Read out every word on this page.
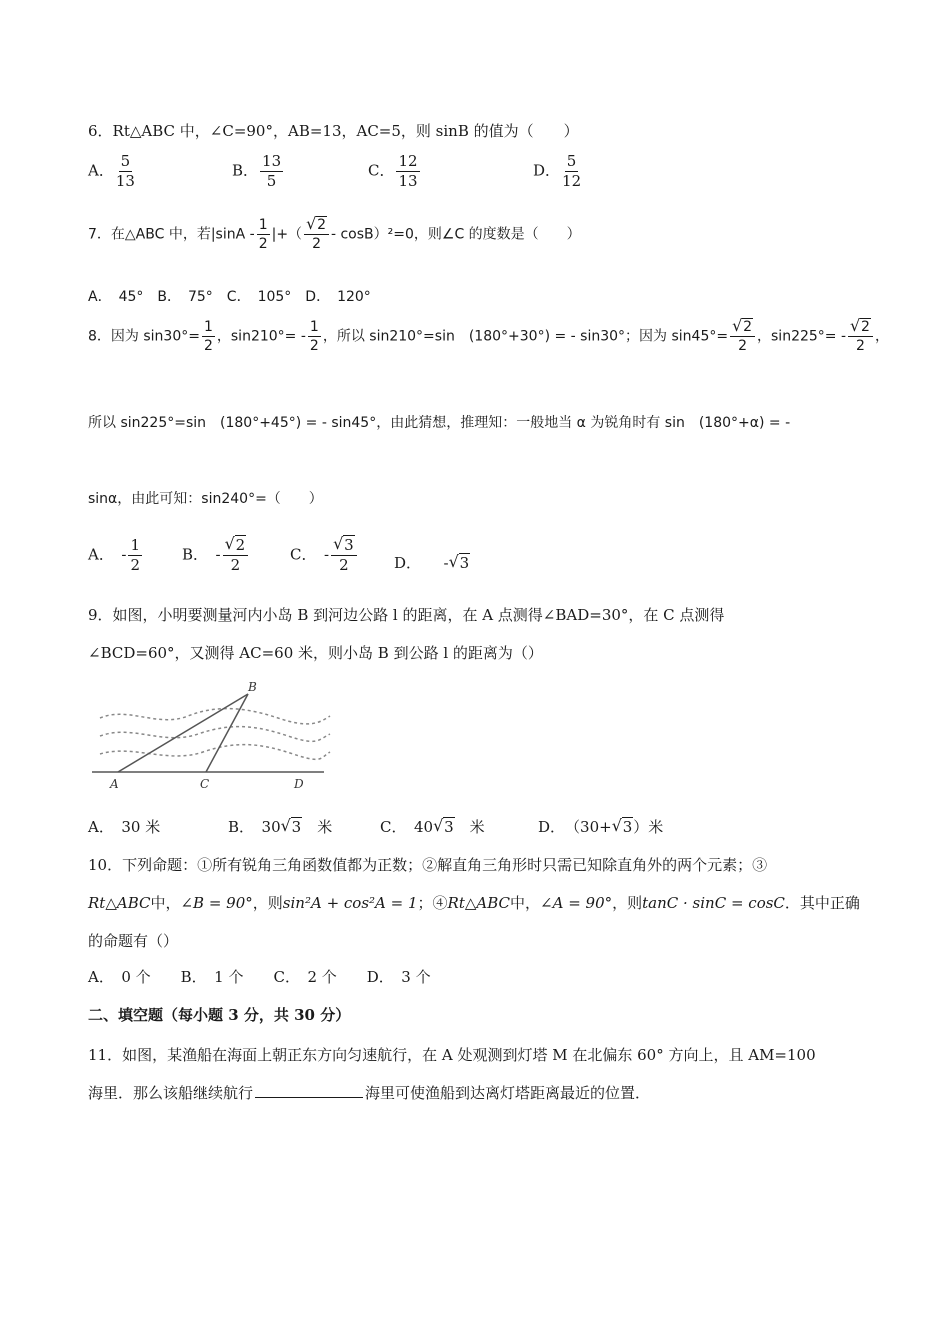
6．Rt△ABC 中，∠C=90°，AB=13，AC=5，则 sinB 的值为（　　）
A． $\frac{5}{13}$	B． $\frac{13}{5}$	C． $\frac{12}{13}$	D． $\frac{5}{12}$
7．在△ABC 中，若$|\sin A - \frac{1}{2}$ |+（ √ $\frac{2}{2} - \cos B)^2=0$，则∠C 的度数是（　　）
A．　45°　B．　75°　C．　105°　D．　120°
8．因为 $\sin 30^\circ= \frac{1}{2}$ ，$\sin 210^\circ= - \frac{1}{2}$ ，所以 sin210°=sin　(180°+30°) = - sin30°；因为 sin45°= √ $\frac{2}{2}$ ，sin225°= - √ $\frac{2}{2}$ ，
所以 sin225°=sin　(180°+45°) = - sin45°，由此猜想，推理知：一般地当 α 为锐角时有 sin　(180°+α) = -
sinα，由此可知：sin240°=（　　）
A．　 - $\frac{1}{2}$	B．　 - √ $\frac{2}{2}$	C．　 - √ $\frac{3}{2}$ D．　　 - √ 3
9．如图，小明要测量河内小岛 B 到河边公路 l 的距离，在 A 点测得∠BAD=30°，在 C 点测得
∠BCD=60°，又测得 AC=60 米，则小岛 B 到公路 l 的距离为（）
B
A	C	D
A．　 30 米	B．　 30 √ 3　 米	C．　 40 √ 3　 米	D．　 （30+ √ 3）米
10．下列命题：①所有锐角三角函数值都为正数；②解直角三角形时只需已知除直角外的两个元素；③
Rt△ABC中，∠B = 90°，则sin²A + cos²A = 1；④Rt△ABC中，∠A = 90°，则tanC · sinC = cosC．其中正确
的命题有（）
A．　0 个　　B．　1 个　　C．　2 个　　D．　3 个
二、填空题（每小题 3 分，共 30 分）
11．如图，某渔船在海面上朝正东方向匀速航行，在 A 处观测到灯塔 M 在北偏东 60° 方向上，且 AM=100
海里．那么该船继续航行	海里可使渔船到达离灯塔距离最近的位置．
